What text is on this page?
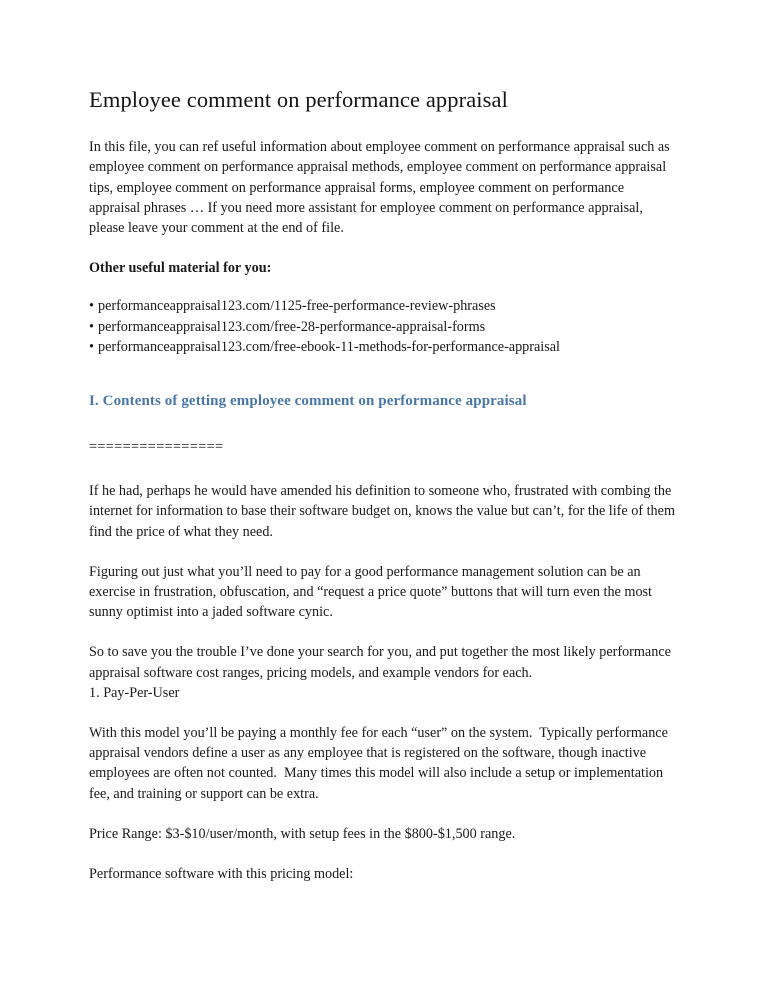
Employee comment on performance appraisal

In this file, you can ref useful information about employee comment on performance appraisal such as employee comment on performance appraisal methods, employee comment on performance appraisal tips, employee comment on performance appraisal forms, employee comment on performance appraisal phrases … If you need more assistant for employee comment on performance appraisal, please leave your comment at the end of file.

Other useful material for you:

• performanceappraisal123.com/1125-free-performance-review-phrases
• performanceappraisal123.com/free-28-performance-appraisal-forms
• performanceappraisal123.com/free-ebook-11-methods-for-performance-appraisal
I. Contents of getting employee comment on performance appraisal
================

If he had, perhaps he would have amended his definition to someone who, frustrated with combing the internet for information to base their software budget on, knows the value but can’t, for the life of them find the price of what they need.

Figuring out just what you’ll need to pay for a good performance management solution can be an exercise in frustration, obfuscation, and “request a price quote” buttons that will turn even the most sunny optimist into a jaded software cynic.

So to save you the trouble I’ve done your search for you, and put together the most likely performance appraisal software cost ranges, pricing models, and example vendors for each.

1. Pay-Per-User

With this model you’ll be paying a monthly fee for each “user” on the system.  Typically performance appraisal vendors define a user as any employee that is registered on the software, though inactive employees are often not counted.  Many times this model will also include a setup or implementation fee, and training or support can be extra.

Price Range: $3-$10/user/month, with setup fees in the $800-$1,500 range.

Performance software with this pricing model:
